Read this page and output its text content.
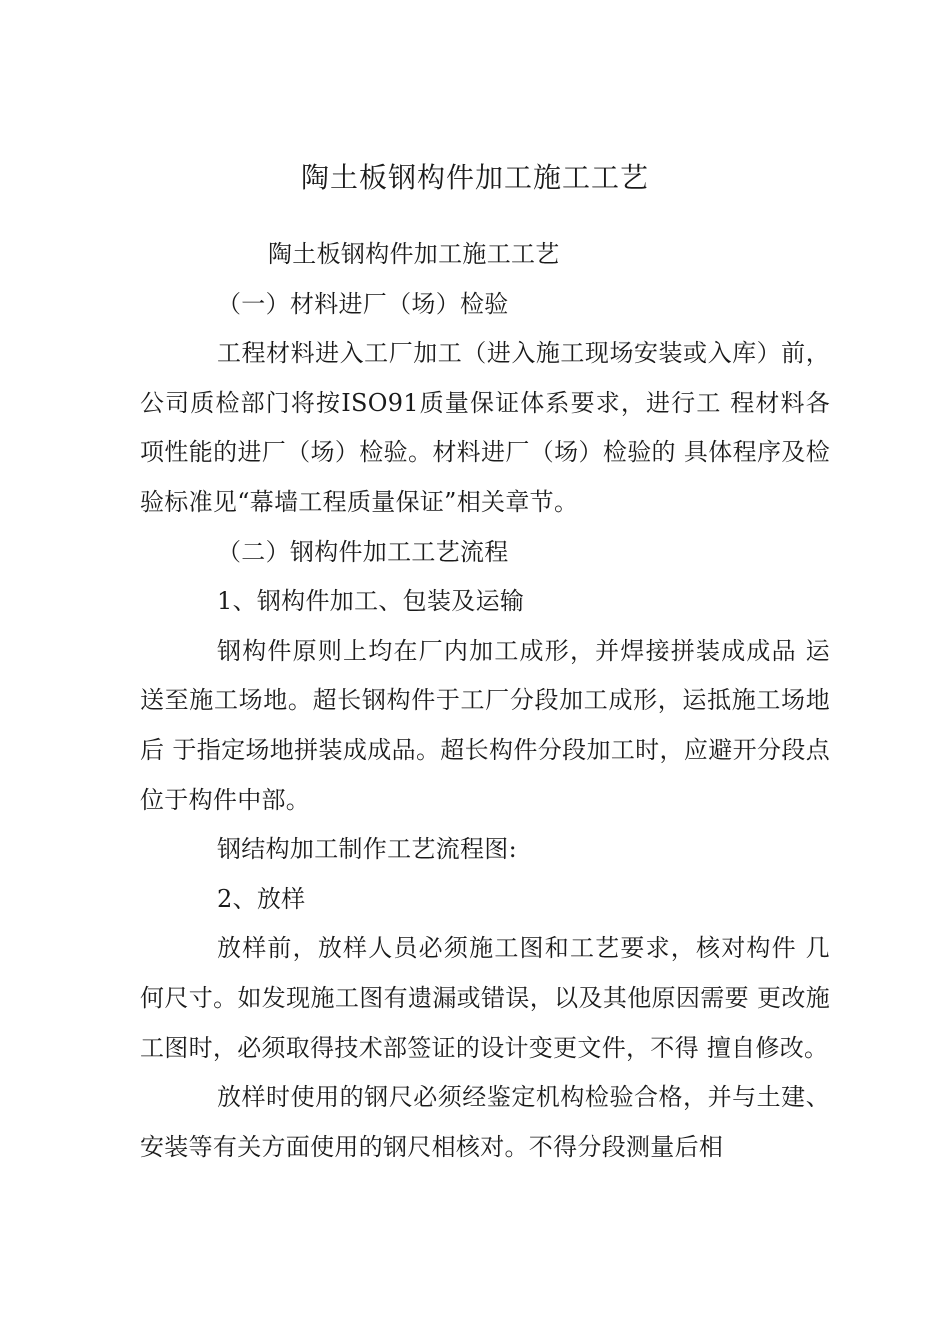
陶土板钢构件加工施工工艺

陶土板钢构件加工施工工艺

（一）材料进厂（场）检验

工程材料进入工厂加工（进入施工现场安装或入库）前，公司质检部门将按ISO91质量保证体系要求，进行工 程材料各项性能的进厂（场）检验。材料进厂（场）检验的 具体程序及检验标准见“幕墙工程质量保证”相关章节。

（二）钢构件加工工艺流程

1、钢构件加工、包装及运输

钢构件原则上均在厂内加工成形，并焊接拼装成成品 运送至施工场地。超长钢构件于工厂分段加工成形，运抵施工场地后 于指定场地拼装成成品。超长构件分段加工时，应避开分段点位于构件中部。

钢结构加工制作工艺流程图:

2、放样

放样前，放样人员必须施工图和工艺要求，核对构件 几何尺寸。如发现施工图有遗漏或错误，以及其他原因需要 更改施工图时，必须取得技术部签证的设计变更文件，不得 擅自修改。

放样时使用的钢尺必须经鉴定机构检验合格，并与土建、安装等有关方面使用的钢尺相核对。不得分段测量后相
